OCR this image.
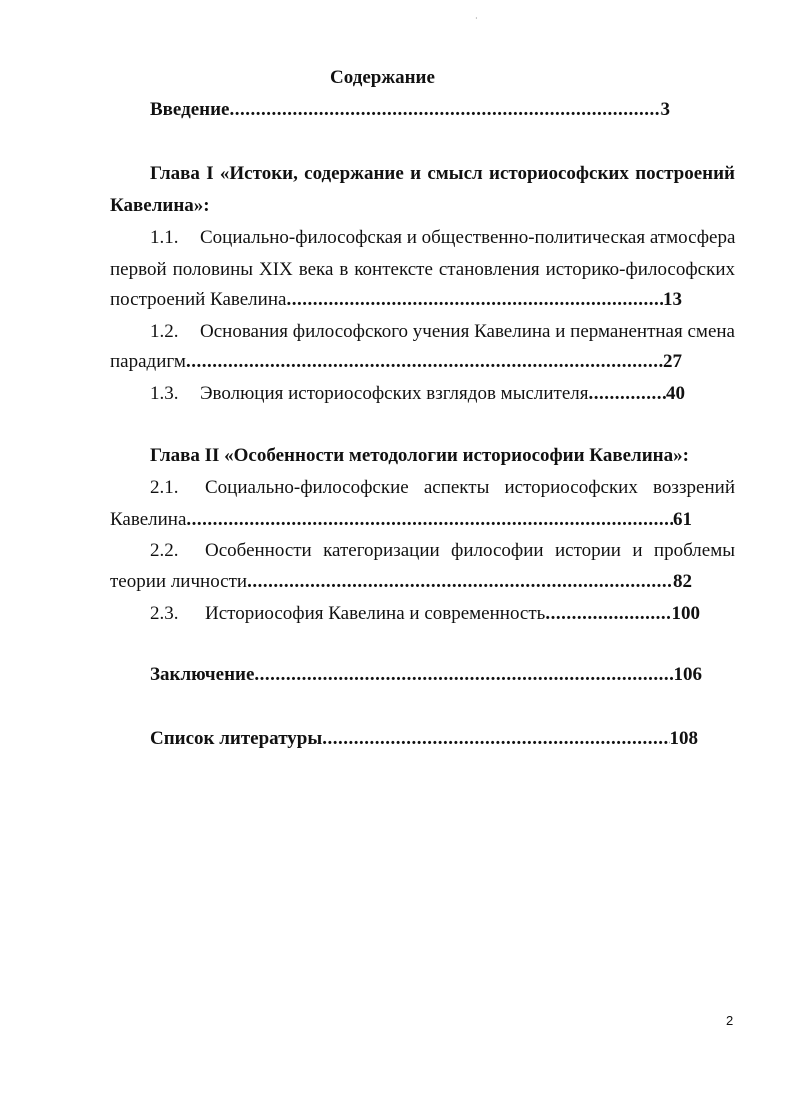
·
Содержание
Введение .....	3
Глава I «Истоки, содержание и смысл историософских построений
Кавелина»:
1.1. Социально-философская и общественно-политическая атмосфера
первой половины XIX века в контексте становления историко-философских
построений Кавелина .....	13
1.2. Основания философского учения Кавелина и перманентная смена
парадигм .....	27
1.3. Эволюция историософских взглядов мыслителя .....	40
Глава II «Особенности методологии историософии Кавелина»:
2.1. Социально-философские аспекты историософских воззрений
Кавелина .....	61
2.2. Особенности категоризации философии истории и проблемы
теории личности .....	82
2.3. Историософия Кавелина и современность .....	100
Заключение .....	106
Список литературы .....	108
2
